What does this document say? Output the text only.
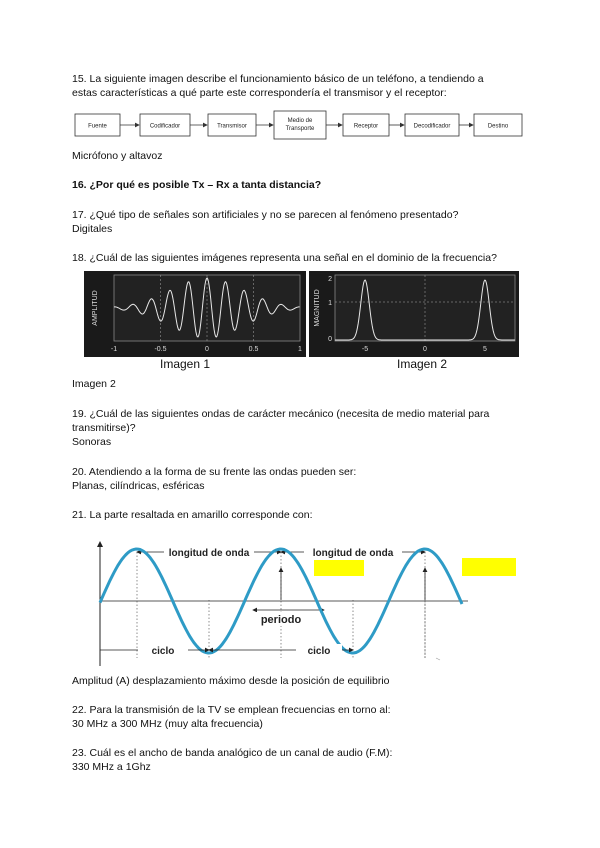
15. La siguiente imagen describe el funcionamiento básico de un teléfono, a tendiendo a
estas características a qué parte este correspondería el transmisor y el receptor:
Fuente	Codificador	Transmisor
Medio de
Transporte	Receptor	Decodificador	Destino
Micrófono y altavoz
16. ¿Por qué es posible Tx – Rx a tanta distancia?
17. ¿Qué tipo de señales son artificiales y no se parecen al fenómeno presentado?
Digitales
18. ¿Cuál de las siguientes imágenes representa una señal en el dominio de la frecuencia?
AMPLITUD
-1	-0.5	0	0.5	1
Imagen 1
MAGNITUD
2
1
0
-5	0	5
Imagen 2
Imagen 2
19. ¿Cuál de las siguientes ondas de carácter mecánico (necesita de medio material para
transmitirse)?
Sonoras
20. Atendiendo a la forma de su frente las ondas pueden ser:
Planas, cilíndricas, esféricas
21. La parte resaltada en amarillo corresponde con:
longitud de onda	longitud de onda
periodo
ciclo	ciclo
Amplitud (A) desplazamiento máximo desde la posición de equilibrio
22. Para la transmisión de la TV se emplean frecuencias en torno al:
30 MHz a 300 MHz (muy alta frecuencia)
23. Cuál es el ancho de banda analógico de un canal de audio (F.M):
330 MHz a 1Ghz
